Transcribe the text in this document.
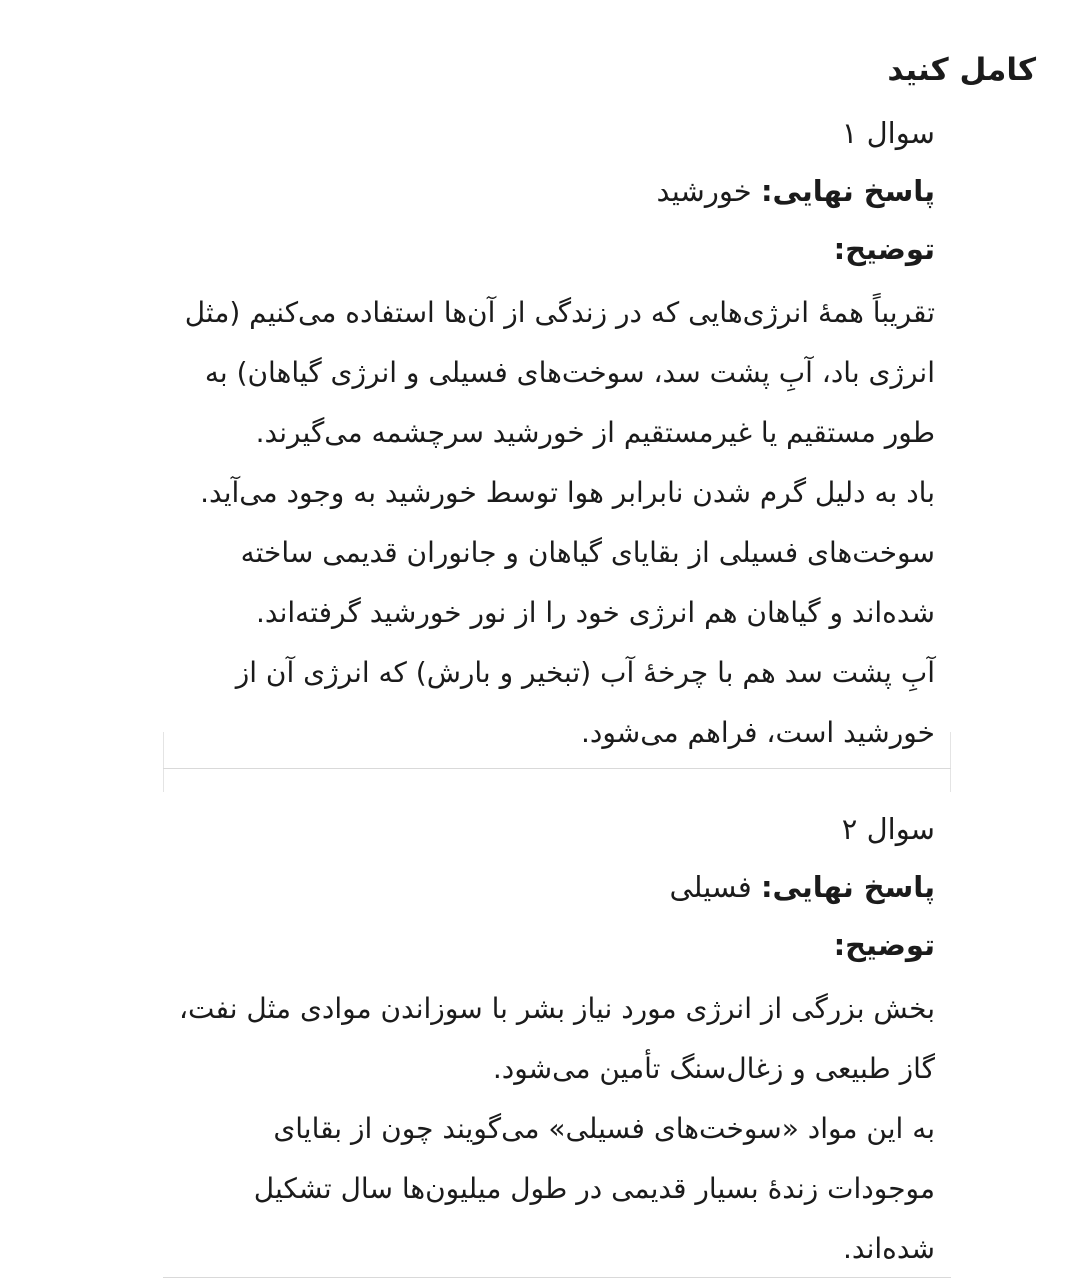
کامل کنید
سوال ۱
پاسخ نهایی: خورشید
توضیح:

تقریباً همهٔ انرژی‌هایی که در زندگی از آن‌ها استفاده می‌کنیم (مثل انرژی باد، آبِ پشت سد، سوخت‌های فسیلی و انرژی گیاهان) به طور مستقیم یا غیرمستقیم از خورشید سرچشمه می‌گیرند.

باد به دلیل گرم شدن نابرابر هوا توسط خورشید به وجود می‌آید.

سوخت‌های فسیلی از بقایای گیاهان و جانوران قدیمی ساخته شده‌اند و گیاهان هم انرژی خود را از نور خورشید گرفته‌اند.

آبِ پشت سد هم با چرخهٔ آب (تبخیر و بارش) که انرژی آن از خورشید است، فراهم می‌شود.

سوال ۲
پاسخ نهایی: فسیلی
توضیح:

بخش بزرگی از انرژی مورد نیاز بشر با سوزاندن موادی مثل نفت، گاز طبیعی و زغال‌سنگ تأمین می‌شود.

به این مواد «سوخت‌های فسیلی» می‌گویند چون از بقایای موجودات زندهٔ بسیار قدیمی در طول میلیون‌ها سال تشکیل شده‌اند.
